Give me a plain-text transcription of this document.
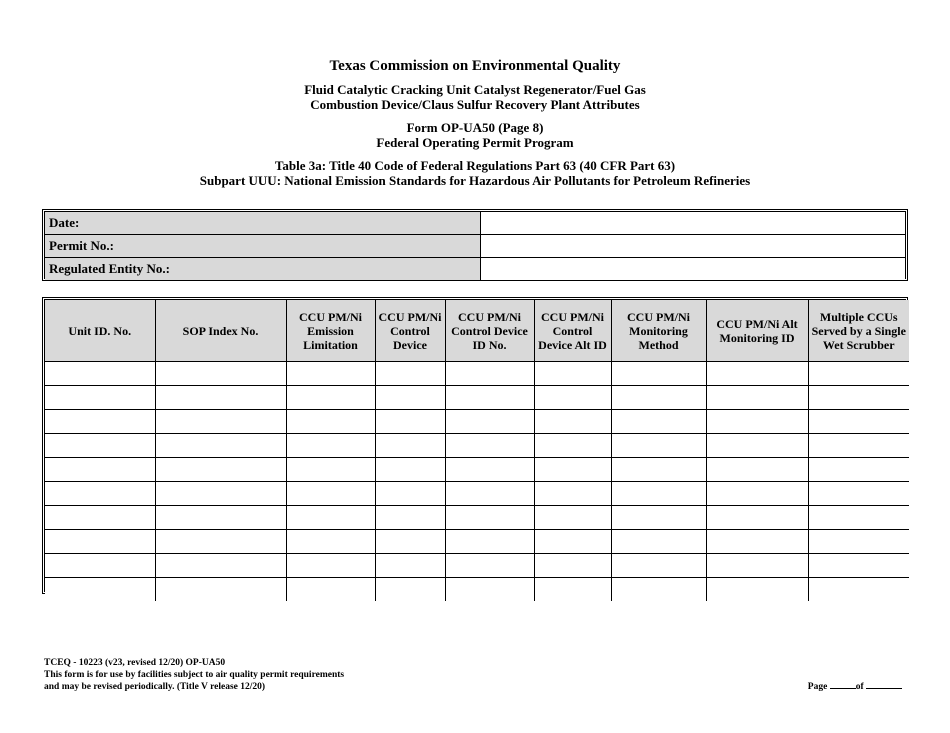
Texas Commission on Environmental Quality
Fluid Catalytic Cracking Unit Catalyst Regenerator/Fuel Gas
Combustion Device/Claus Sulfur Recovery Plant Attributes
Form OP-UA50 (Page 8)
Federal Operating Permit Program
Table 3a: Title 40 Code of Federal Regulations Part 63 (40 CFR Part 63)
Subpart UUU: National Emission Standards for Hazardous Air Pollutants for Petroleum Refineries
Date:	
Permit No.:	
Regulated Entity No.:	
Unit ID. No.	SOP Index No.	CCU PM/Ni Emission Limitation	CCU PM/Ni Control Device	CCU PM/Ni Control Device ID No.	CCU PM/Ni Control Device Alt ID	CCU PM/Ni Monitoring Method	CCU PM/Ni Alt Monitoring ID	Multiple CCUs Served by a Single Wet Scrubber

TCEQ - 10223 (v23, revised 12/20) OP-UA50
This form is for use by facilities subject to air quality permit requirements
and may be revised periodically. (Title V release 12/20)	Page	of
